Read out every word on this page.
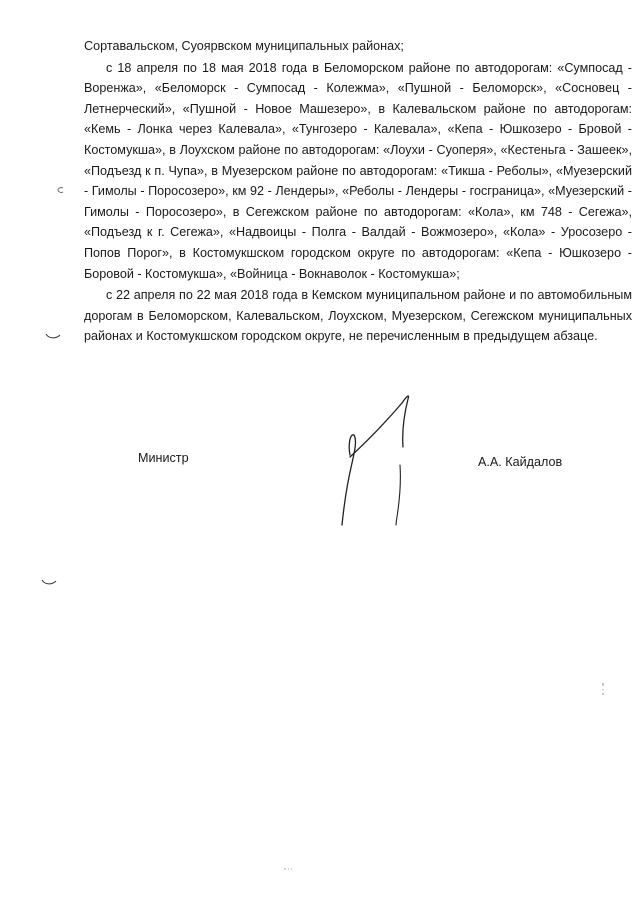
Сортавальском, Суоярвском муниципальных районах;

с 18 апреля по 18 мая 2018 года в Беломорском районе по автодорогам: «Сумпосад - Воренжа», «Беломорск - Сумпосад - Колежма», «Пушной - Беломорск», «Сосновец - Летнерческий», «Пушной - Новое Машезеро», в Калевальском районе по автодорогам: «Кемь - Лонка через Калевала», «Тунгозеро - Калевала», «Кепа - Юшкозеро - Бровой - Костомукша», в Лоухском районе по автодорогам: «Лоухи - Суоперя», «Кестеньга - Зашеек», «Подъезд к п. Чупа», в Муезерском районе по автодорогам: «Тикша - Реболы», «Муезерский - Гимолы - Поросозеро», км 92 - Лендеры», «Реболы - Лендеры - госграница», «Муезерский - Гимолы - Поросозеро», в Сегежском районе по автодорогам: «Кола», км 748 - Сегежа», «Подъезд к г. Сегежа», «Надвоицы - Полга - Валдай - Вожмозеро», «Кола» - Уросозеро - Попов Порог», в Костомукшском городском округе по автодорогам: «Кепа - Юшкозеро - Боровой - Костомукша», «Войница - Вокнаволок - Костомукша»;

с 22 апреля по 22 мая 2018 года в Кемском муниципальном районе и по автомобильным дорогам в Беломорском, Калевальском, Лоухском, Муезерском, Сегежском муниципальных районах и Костомукшском городском округе, не перечисленным в предыдущем абзаце.

Министр	А.А. Кайдалов
